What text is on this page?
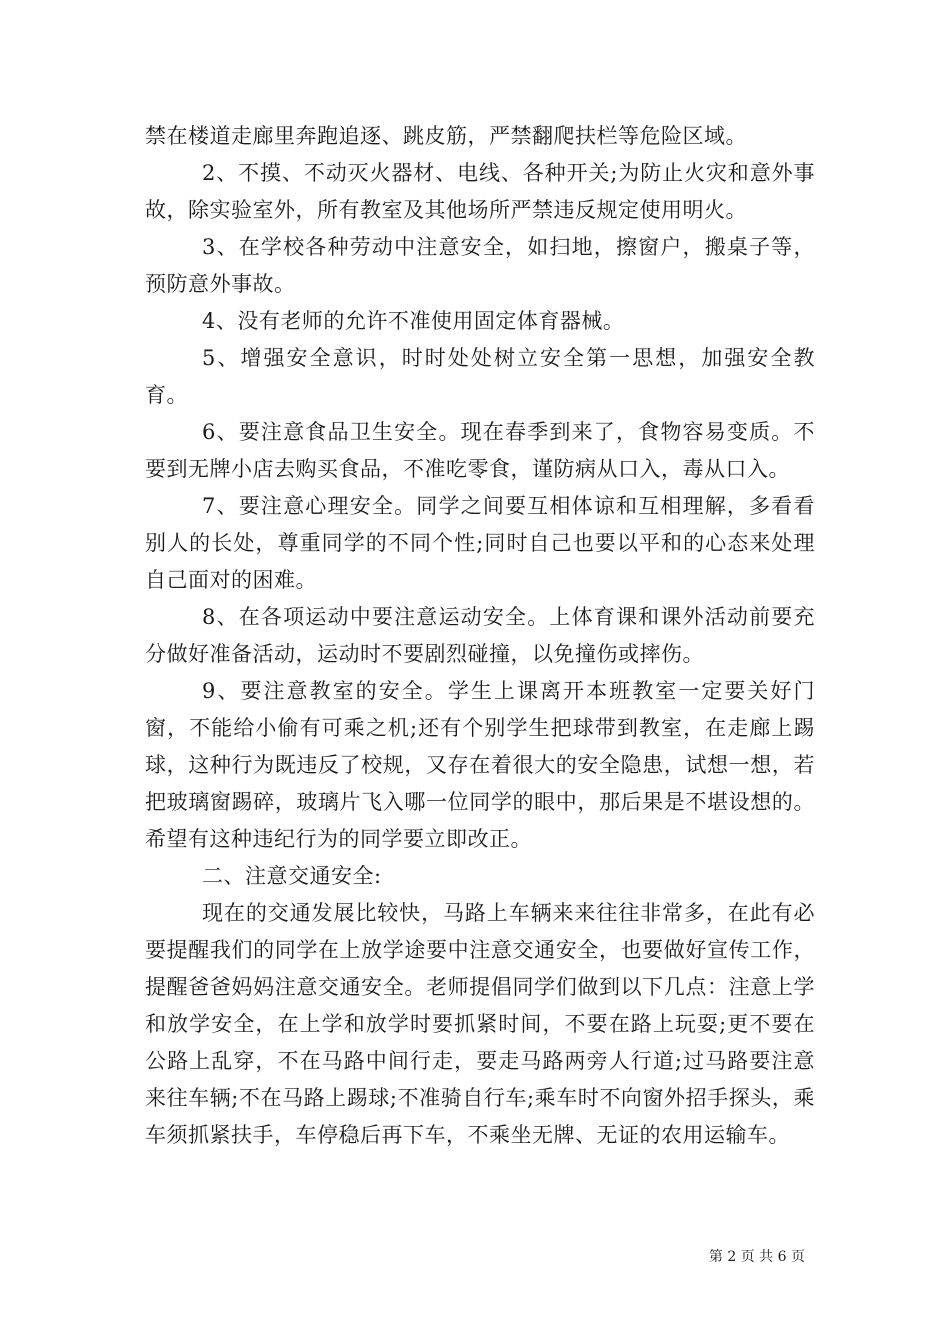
禁在楼道走廊里奔跑追逐、跳皮筋，严禁翻爬扶栏等危险区域。

2、不摸、不动灭火器材、电线、各种开关;为防止火灾和意外事故，除实验室外，所有教室及其他场所严禁违反规定使用明火。

3、在学校各种劳动中注意安全，如扫地，擦窗户，搬桌子等，预防意外事故。

4、没有老师的允许不准使用固定体育器械。

5、增强安全意识，时时处处树立安全第一思想，加强安全教育。

6、要注意食品卫生安全。现在春季到来了，食物容易变质。不要到无牌小店去购买食品，不准吃零食，谨防病从口入，毒从口入。

7、要注意心理安全。同学之间要互相体谅和互相理解，多看看别人的长处，尊重同学的不同个性;同时自己也要以平和的心态来处理自己面对的困难。

8、在各项运动中要注意运动安全。上体育课和课外活动前要充分做好准备活动，运动时不要剧烈碰撞，以免撞伤或摔伤。

9、要注意教室的安全。学生上课离开本班教室一定要关好门窗，不能给小偷有可乘之机;还有个别学生把球带到教室，在走廊上踢球，这种行为既违反了校规，又存在着很大的安全隐患，试想一想，若把玻璃窗踢碎，玻璃片飞入哪一位同学的眼中，那后果是不堪设想的。希望有这种违纪行为的同学要立即改正。

二、注意交通安全:

现在的交通发展比较快，马路上车辆来来往往非常多，在此有必要提醒我们的同学在上放学途要中注意交通安全，也要做好宣传工作，提醒爸爸妈妈注意交通安全。老师提倡同学们做到以下几点：注意上学和放学安全，在上学和放学时要抓紧时间，不要在路上玩耍;更不要在公路上乱穿，不在马路中间行走，要走马路两旁人行道;过马路要注意来往车辆;不在马路上踢球;不准骑自行车;乘车时不向窗外招手探头，乘车须抓紧扶手，车停稳后再下车，不乘坐无牌、无证的农用运输车。

第 2 页 共 6 页
